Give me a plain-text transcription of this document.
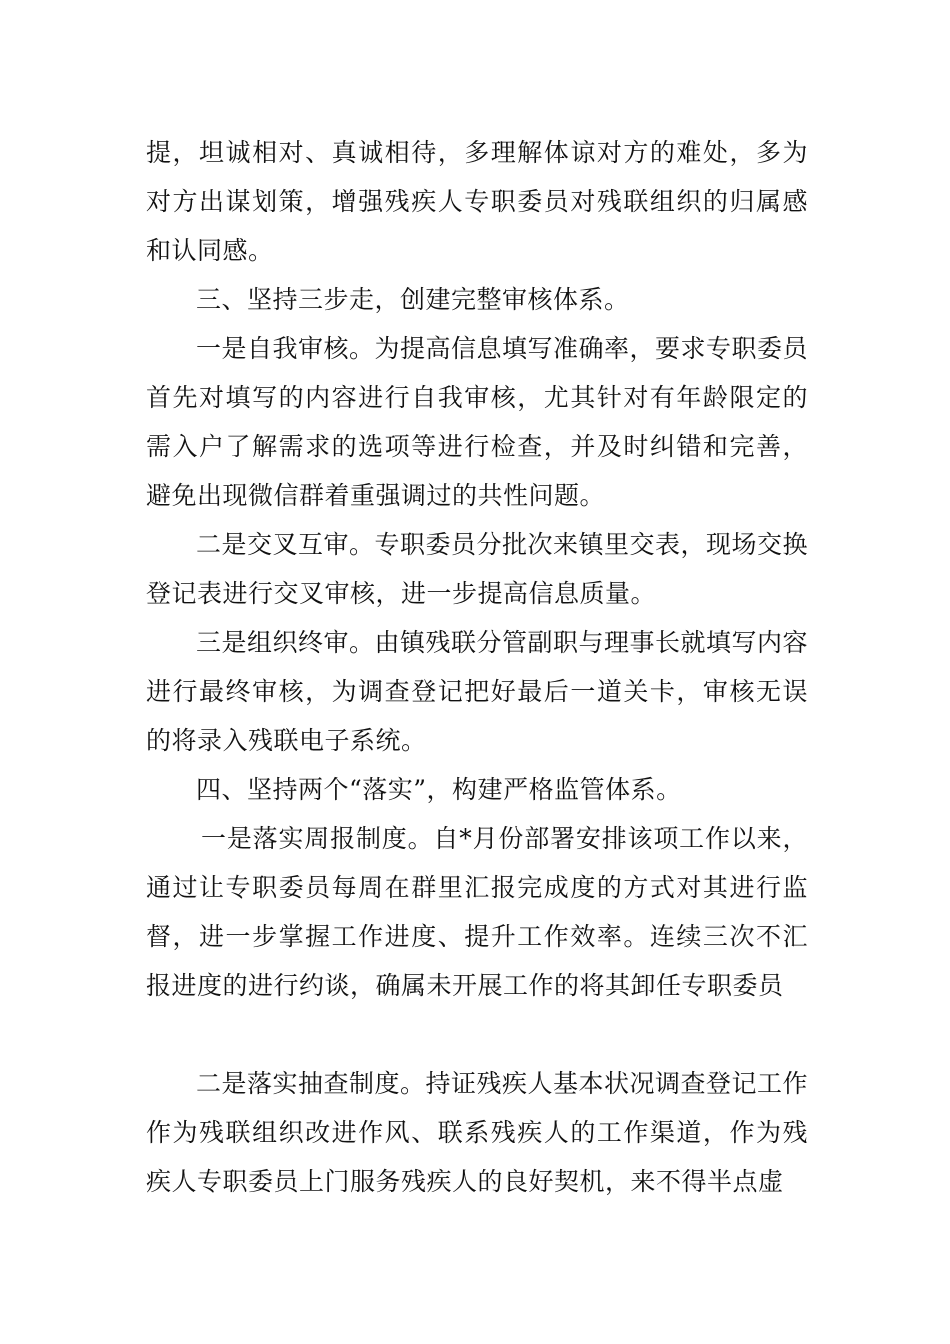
提，坦诚相对、真诚相待，多理解体谅对方的难处，多为对方出谋划策，增强残疾人专职委员对残联组织的归属感和认同感。

三、坚持三步走，创建完整审核体系。

一是自我审核。为提高信息填写准确率，要求专职委员首先对填写的内容进行自我审核，尤其针对有年龄限定的需入户了解需求的选项等进行检查，并及时纠错和完善，避免出现微信群着重强调过的共性问题。

二是交叉互审。专职委员分批次来镇里交表，现场交换登记表进行交叉审核，进一步提高信息质量。

三是组织终审。由镇残联分管副职与理事长就填写内容进行最终审核，为调查登记把好最后一道关卡，审核无误的将录入残联电子系统。

四、坚持两个“落实”，构建严格监管体系。

一是落实周报制度。自*月份部署安排该项工作以来，通过让专职委员每周在群里汇报完成度的方式对其进行监督，进一步掌握工作进度、提升工作效率。连续三次不汇报进度的进行约谈，确属未开展工作的将其卸任专职委员

二是落实抽查制度。持证残疾人基本状况调查登记工作作为残联组织改进作风、联系残疾人的工作渠道，作为残疾人专职委员上门服务残疾人的良好契机，来不得半点虚
